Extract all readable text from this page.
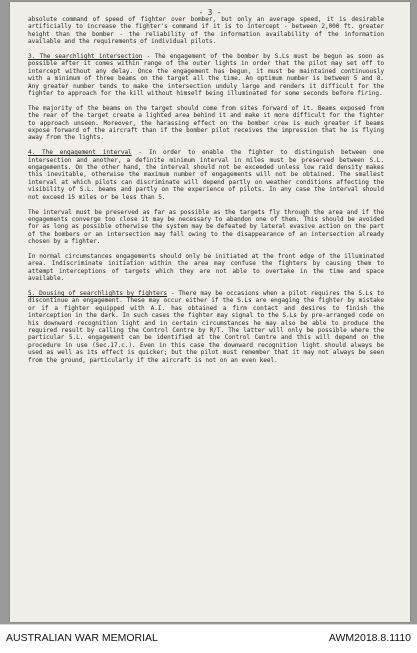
- 3 -

absolute command of speed of fighter over bomber, but only an average speed, it is desirable artificially to increase the fighter's command if it is to intercept - between 2,000 ft. greater height than the bomber - the reliability of the information availability of the information available and the requirements of individual pilots.

3. The searchlight intersection - The engagement of the bomber by S.Ls must be begun as soon as possible after it comes within range of the outer lights in order that the pilot may set off to intercept without any delay. Once the engagement has begun, it must be maintained continuously with a minimum of three beams on the target all the time. An optimum number is between 5 and 8. Any greater number tends to make the intersection unduly large and renders it difficult for the fighter to approach for the kill without himself being illuminated for some seconds before firing.

The majority of the beams on the target should come from sites forward of it. Beams exposed from the rear of the target create a lighted area behind it and make it more difficult for the fighter to approach unseen. Moreover, the harassing effect on the bomber crew is much greater if beams expose forward of the aircraft than if the bomber pilot receives the impression that he is flying away from the lights.

4. The engagement interval - In order to enable the fighter to distinguish between one intersection and another, a definite minimum interval in miles must be preserved between S.L. engagements. On the other hand, the interval should not be exceeded unless low raid density makes this inevitable, otherwise the maximum number of engagements will not be obtained. The smallest interval at which pilots can discriminate will depend partly on weather conditions affecting the visibility of S.L. beams and partly on the experience of pilots. In any case the interval should not exceed 15 miles or be less than 5.

The interval must be preserved as far as possible as the targets fly through the area and if the engagements converge too close it may be necessary to abandon one of them. This should be avoided for as long as possible otherwise the system may be defeated by lateral evasive action on the part of the bombers or an intersection may fall owing to the disappearance of an intersection already chosen by a fighter.

In normal circumstances engagements should only be initiated at the front edge of the illuminated area. Indiscriminate initiation within the area may confuse the fighters by causing them to attempt interceptions of targets which they are not able to overtake in the time and space available.

5. Dousing of searchlights by fighters - There may be occasions when a pilot requires the S.Ls to discontinue an engagement. These may occur either if the S.Ls are engaging the fighter by mistake or if a fighter equipped with A.I. has obtained a firm contact and desires to finish the interception in the dark. In such cases the fighter may signal to the S.Ls by pre-arranged code on his downward recognition light and in certain circumstances he may also be able to produce the required result by calling the Control Centre by R/T. The latter will only be possible where the particular S.L. engagement can be identified at the Control Centre and this will depend on the procedure in use (Sec.17.c.). Even in this case the downward recognition light should always be used as well as its effect is quicker; but the pilot must remember that it may not always be seen from the ground, particularly if the aircraft is not on an even keel.

AUSTRALIAN WAR MEMORIAL	AWM2018.8.1110
